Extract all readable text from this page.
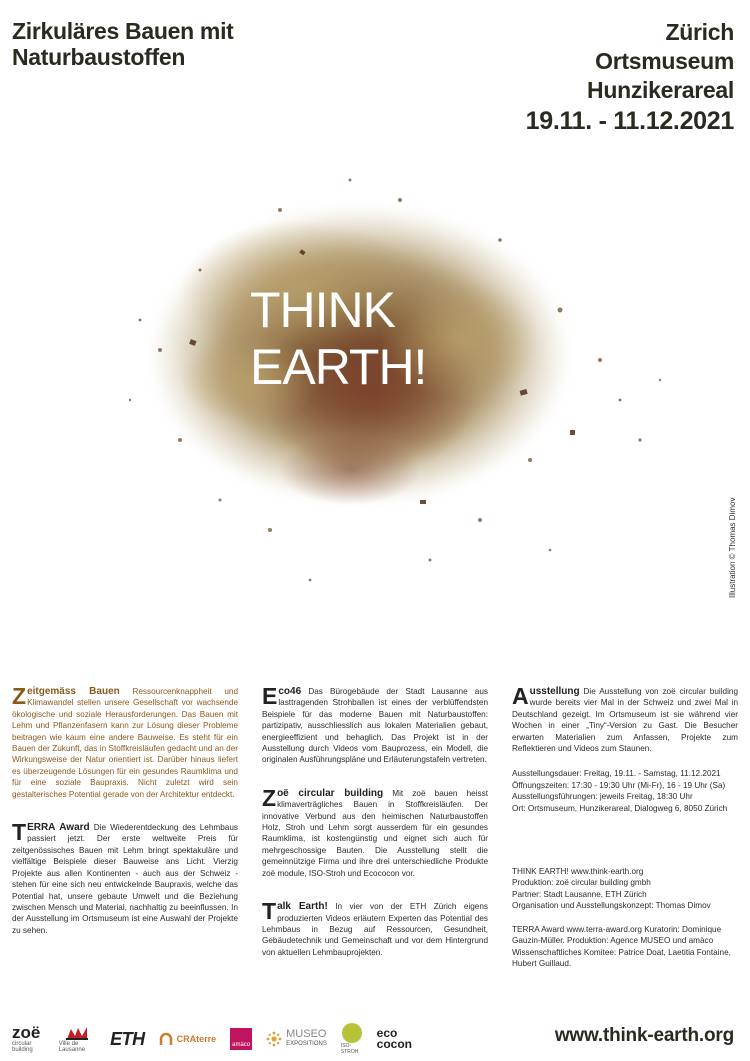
Zirkuläres Bauen mit
Naturbaustoffen
Zürich
Ortsmuseum
Hunzikerareal
19.11. - 11.12.2021
THINK
EARTH!
Illustration © Thomas Dimov
Zeitgemäss Bauen Ressourcenknappheit und Klimawandel stellen unsere Gesellschaft vor wachsende ökologische und soziale Herausforderungen. Das Bauen mit Lehm und Pflanzenfasern kann zur Lösung dieser Probleme beitragen wie kaum eine andere Bauweise. Es steht für ein Bauen der Zukunft, das in Stoffkreisläufen gedacht und an der Wirkungsweise der Natur orientiert ist. Darüber hinaus liefert es überzeugende Lösungen für ein gesundes Raumklima und für eine soziale Baupraxis. Nicht zuletzt wird sein gestalterisches Potential gerade von der Architektur entdeckt.
TERRA Award Die Wiederentdeckung des Lehmbaus passiert jetzt. Der erste weltweite Preis für zeitgenössisches Bauen mit Lehm bringt spektakuläre und vielfältige Beispiele dieser Bauweise ans Licht. Vierzig Projekte aus allen Kontinenten - auch aus der Schweiz - stehen für eine sich neu entwickelnde Baupraxis, welche das Potential hat, unsere gebaute Umwelt und die Beziehung zwischen Mensch und Material, nachhaltig zu beeinflussen. In der Ausstellung im Ortsmuseum ist eine Auswahl der Projekte zu sehen.
Eco46 Das Bürogebäude der Stadt Lausanne aus lasttragenden Strohballen ist eines der verblüffendsten Beispiele für das moderne Bauen mit Naturbaustoffen: partizipativ, ausschliesslich aus lokalen Materialien gebaut, energieeffizient und behaglich. Das Projekt ist in der Ausstellung durch Videos vom Bauprozess, ein Modell, die originalen Ausführungspläne und Erläuterungstafeln vertreten.
Zoë circular building Mit zoë bauen heisst klimaverträgliches Bauen in Stoffkreisläufen. Der innovative Verbund aus den heimischen Naturbaustoffen Holz, Stroh und Lehm sorgt ausserdem für ein gesundes Raumklima, ist kostengünstig und eignet sich auch für mehrgeschossige Bauten. Die Ausstellung stellt die gemeinnützige Firma und ihre drei unterschiedliche Produkte zoë module, ISO-Stroh und Ecococon vor.
Talk Earth! In vier von der ETH Zürich eigens produzierten Videos erläutern Experten das Potential des Lehmbaus in Bezug auf Ressourcen, Gesundheit, Gebäudetechnik und Gemeinschaft und vor dem Hintergrund von aktuellen Lehmbauprojekten.
Ausstellung Die Ausstellung von zoë circular building wurde bereits vier Mal in der Schweiz und zwei Mal in Deutschland gezeigt. Im Ortsmuseum ist sie während vier Wochen in einer „Tiny“-Version zu Gast. Die Besucher erwarten Materialien zum Anfassen, Projekte zum Reflektieren und Videos zum Staunen.

Ausstellungsdauer: Freitag, 19.11. - Samstag, 11.12.2021

Öffnungszeiten: 17:30 - 19:30 Uhr (Mi-Fr), 16 - 19 Uhr (Sa)

Ausstellungsführungen: jeweils Freitag, 18:30 Uhr

Ort: Ortsmuseum, Hunzikerareal, Dialogweg 6, 8050 Zürich

THINK EARTH! www.think-earth.org

Produktion: zoë circular building gmbh

Partner: Stadt Lausanne, ETH Zürich

Organisation und Ausstellungskonzept: Thomas Dimov

TERRA Award www.terra-award.org Kuratorin: Dominique

Gauzin-Müller. Produktion: Agence MUSEO und amàco

Wissenschaftliches Komitee: Patrice Doat, Laetitia Fontaine,

Hubert Guillaud.

zoë
circular building
Ville de Lausanne
ETH	CRAterre
amàco
MUSEO
EXPOSITIONS	ISO-STROH
eco
cocon	www.think-earth.org
